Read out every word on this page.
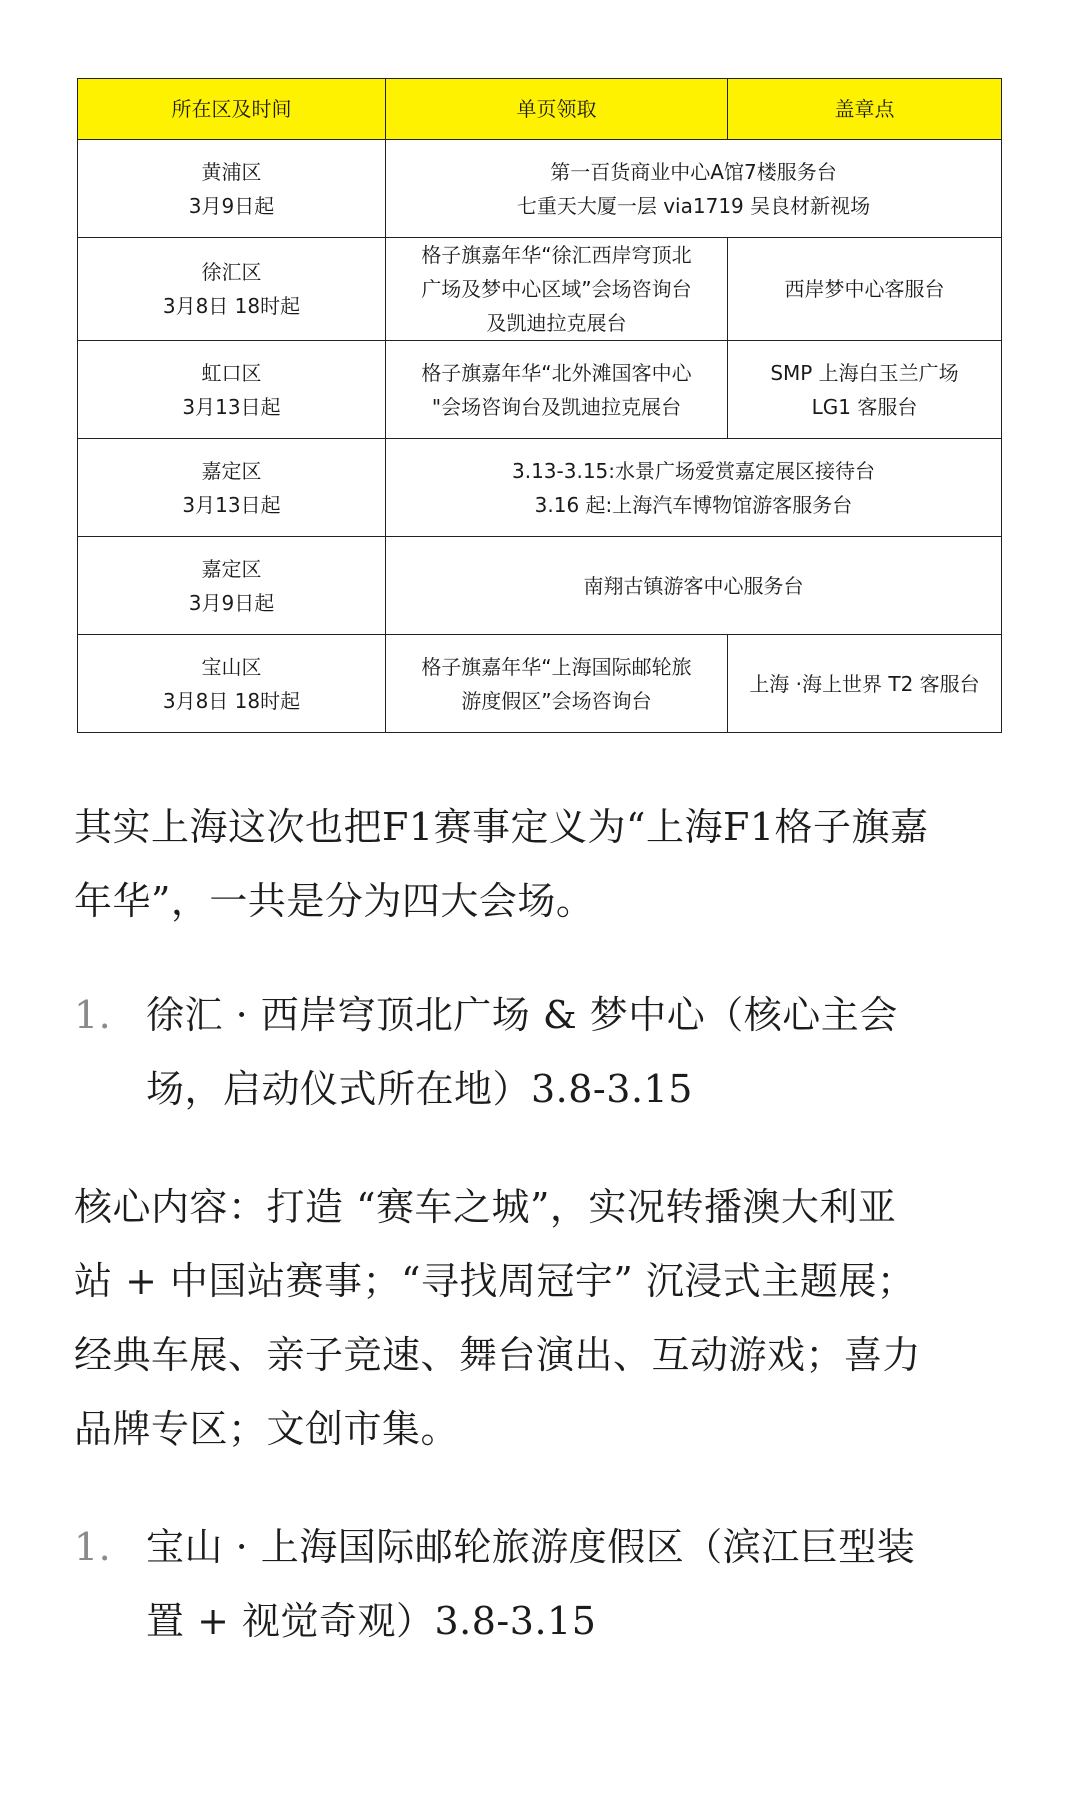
所在区及时间	单页领取	盖章点

黄浦区
3月9日起	第一百货商业中心A馆7楼服务台
七重天大厦一层 via1719 吴良材新视场	

徐汇区
3月8日 18时起	格子旗嘉年华“徐汇西岸穹顶北
广场及梦中心区域”会场咨询台
及凯迪拉克展台	西岸梦中心客服台

虹口区
3月13日起	格子旗嘉年华“北外滩国客中心
"会场咨询台及凯迪拉克展台	SMP 上海白玉兰广场
LG1 客服台

嘉定区
3月13日起	3.13-3.15:水景广场爱赏嘉定展区接待台
3.16 起:上海汽车博物馆游客服务台	

嘉定区
3月9日起	南翔古镇游客中心服务台	

宝山区
3月8日 18时起	格子旗嘉年华“上海国际邮轮旅
游度假区”会场咨询台	上海 ·海上世界 T2 客服台

其实上海这次也把F1赛事定义为“上海F1格子旗嘉
年华”，一共是分为四大会场。

1. 徐汇 · 西岸穹顶北广场 & 梦中心（核心主会
场，启动仪式所在地）3.8-3.15

核心内容：打造 “赛车之城”，实况转播澳大利亚
站 + 中国站赛事；“寻找周冠宇” 沉浸式主题展；
经典车展、亲子竞速、舞台演出、互动游戏；喜力
品牌专区；文创市集。

1. 宝山 · 上海国际邮轮旅游度假区（滨江巨型装
置 + 视觉奇观）3.8-3.15
